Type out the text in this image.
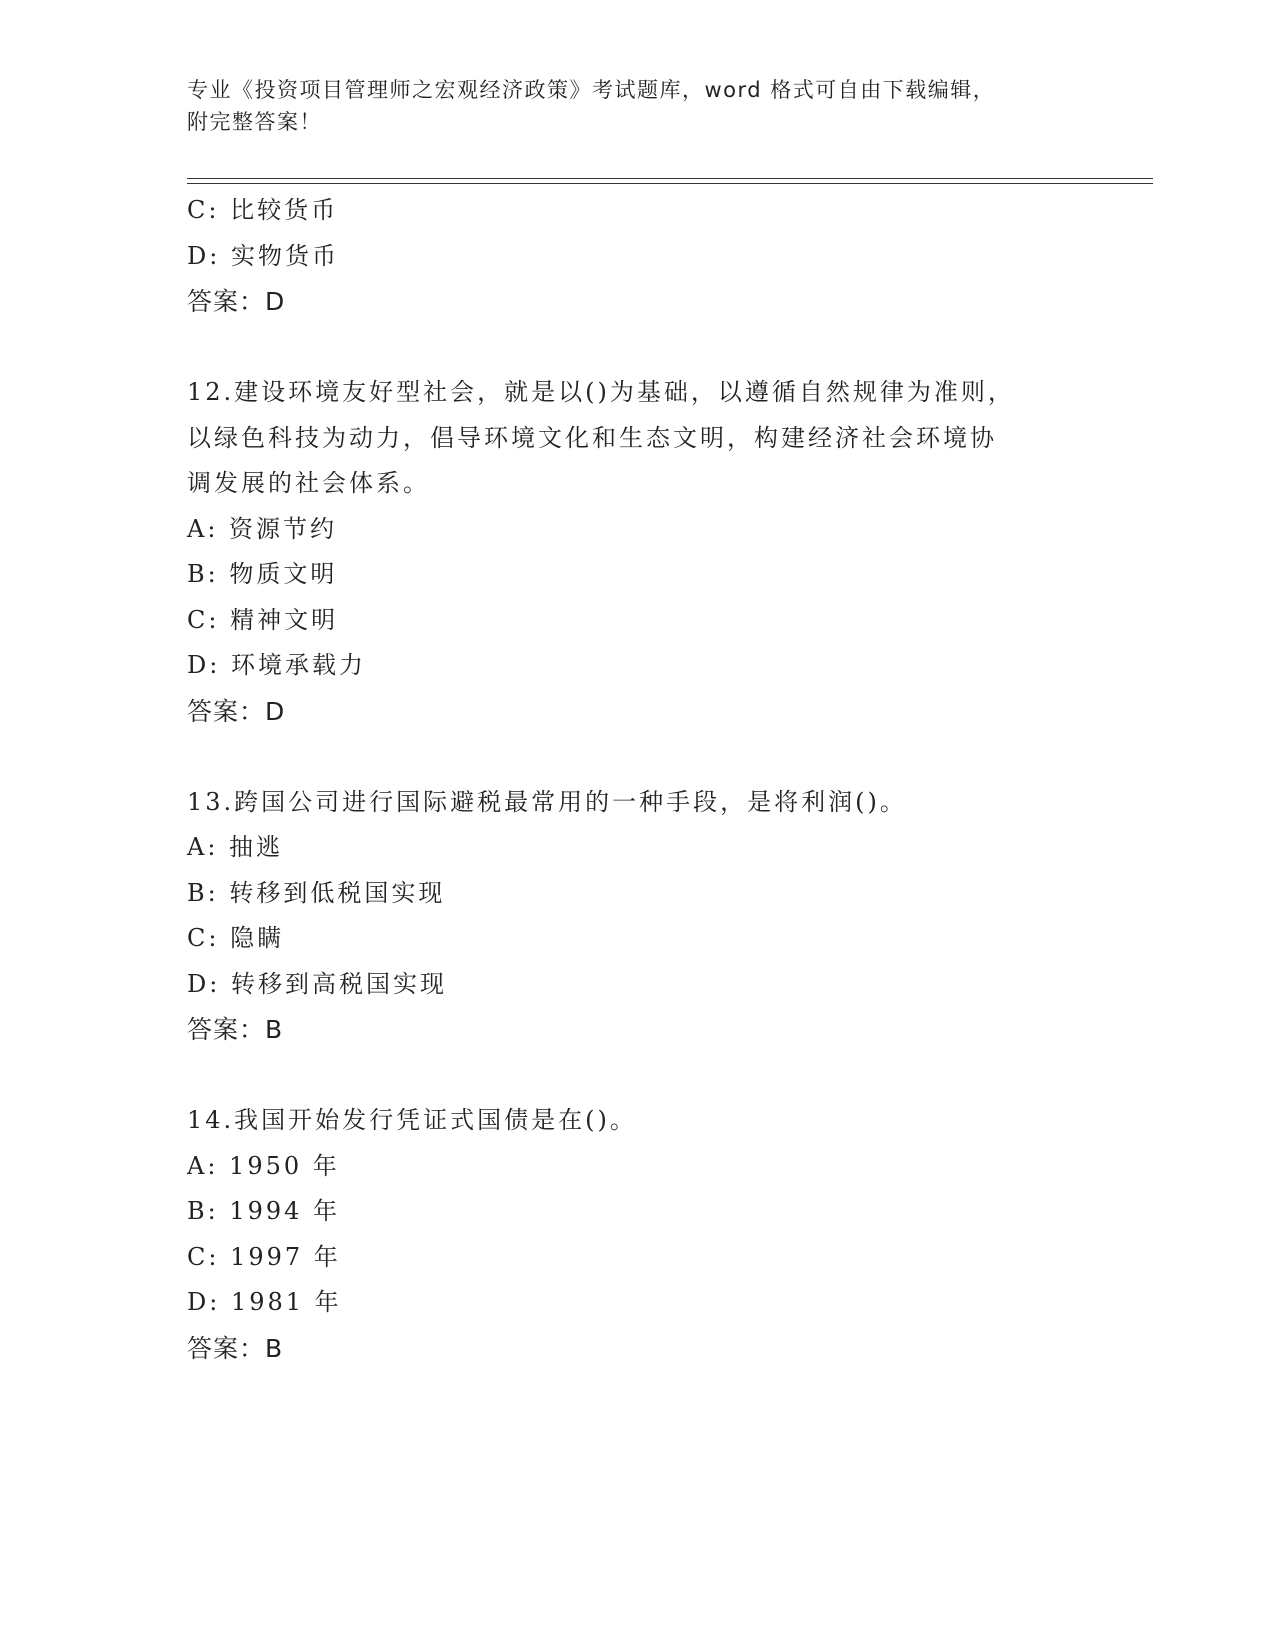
专业《投资项目管理师之宏观经济政策》考试题库，word 格式可自由下载编辑，
附完整答案！
C: 比较货币
D: 实物货币
答案：D
12.建设环境友好型社会，就是以()为基础，以遵循自然规律为准则，
以绿色科技为动力，倡导环境文化和生态文明，构建经济社会环境协
调发展的社会体系。
A: 资源节约
B: 物质文明
C: 精神文明
D: 环境承载力
答案：D
13.跨国公司进行国际避税最常用的一种手段，是将利润()。
A: 抽逃
B: 转移到低税国实现
C: 隐瞒
D: 转移到高税国实现
答案：B
14.我国开始发行凭证式国债是在()。
A: 1950 年
B: 1994 年
C: 1997 年
D: 1981 年
答案：B
